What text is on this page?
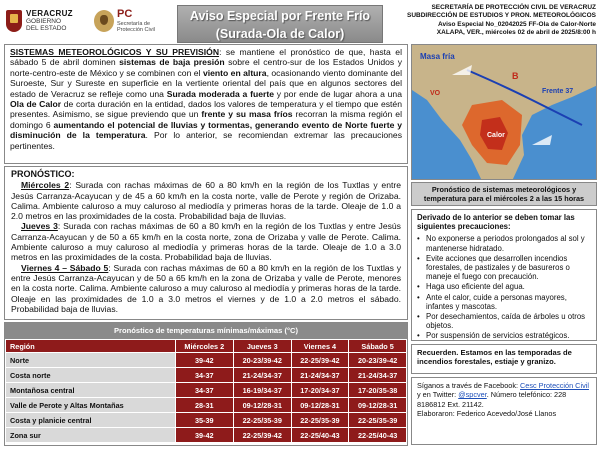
VERACRUZ
GOBIERNO
DEL ESTADO
PC
Secretaría de
Protección Civil
Aviso Especial por Frente Frío
(Surada-Ola de Calor)
SECRETARÍA DE PROTECCIÓN CIVIL DE VERACRUZ
SUBDIRECCIÓN DE ESTUDIOS Y PRON. METEOROLÓGICOS
Aviso Especial No_02042025 FF-Ola de Calor-Norte
XALAPA, VER., miércoles 02 de abril de 2025/8:00 h
SISTEMAS METEOROLÓGICOS Y SU PREVISIÓN: se mantiene el pronóstico de que, hasta el sábado 5 de abril dominen sistemas de baja presión sobre el centro-sur de los Estados Unidos y norte-centro-este de México y se combinen con el viento en altura, ocasionando viento dominante del Suroeste, Sur y Sureste en superficie en la vertiente oriental del país que en algunos sectores del estado de Veracruz se refleje como una Surada moderada a fuerte y por ende de lugar ahora a una Ola de Calor de corta duración en la entidad, dados los valores de temperatura y el tiempo que estén presentes. Asimismo, se sigue previendo que un frente y su masa fríos recorran la misma región el domingo 6 aumentando el potencial de lluvias y tormentas, generando evento de Norte fuerte y disminución de la temperatura. Por lo anterior, se recomiendan extremar las precauciones pertinentes.
Masa fría
Frente 37
B
VO
Calor
Pronóstico de sistemas meteorológicos y temperatura para el miércoles 2 a las 15 horas
PRONÓSTICO:

Miércoles 2: Surada con rachas máximas de 60 a 80 km/h en la región de los Tuxtlas y entre Jesús Carranza-Acayucan y de 45 a 60 km/h en la costa norte, valle de Perote y región de Orizaba. Calima. Ambiente caluroso a muy caluroso al mediodía y primeras horas de la tarde. Oleaje de 1.0 a 2.0 metros en las proximidades de la costa. Probabilidad baja de lluvias.

Jueves 3: Surada con rachas máximas de 60 a 80 km/h en la región de los Tuxtlas y entre Jesús Carranza-Acayucan y de 50 a 65 km/h en la costa norte, zona de Orizaba y valle de Perote. Calima. Ambiente caluroso a muy caluroso al mediodía y primeras horas de la tarde. Oleaje de 1.0 a 3.0 metros en las proximidades de la costa. Probabilidad baja de lluvias.

Viernes 4 – Sábado 5: Surada con rachas máximas de 60 a 80 km/h en la región de los Tuxtlas y entre Jesús Carranza-Acayucan y de 50 a 65 km/h en la zona de Orizaba y valle de Perote, menores en la costa norte. Calima. Ambiente caluroso a muy caluroso al mediodía y primeras horas de la tarde. Oleaje en las proximidades de 1.0 a 3.0 metros el viernes y de 1.0 a 2.0 metros el sábado. Probabilidad baja de lluvias.

Derivado de lo anterior se deben tomar las siguientes precauciones:
• No exponerse a periodos prolongados al sol y mantenerse hidratado.
• Evite acciones que desarrollen incendios forestales, de pastizales y de basureros o maneje el fuego con precaución.
• Haga uso eficiente del agua.
• Ante el calor, cuide a personas mayores, infantes y mascotas.
• Por desechamientos, caída de árboles u otros objetos.
• Por suspensión de servicios estratégicos.
Recuerden. Estamos en las temporadas de incendios forestales, estiaje y granizo.
Síganos a través de Facebook: Cesc Protección Civil y en Twitter: @spcver. Número telefónico: 228 8186812 Ext. 21142.
Elaboraron: Federico Acevedo/José Llanos
Pronóstico de temperaturas mínimas/máximas (°C)
Región	Miércoles 2	Jueves 3	Viernes 4	Sábado 5
Norte	39-42	20-23/39-42	22-25/39-42	20-23/39-42
Costa norte	34-37	21-24/34-37	21-24/34-37	21-24/34-37
Montañosa central	34-37	16-19/34-37	17-20/34-37	17-20/35-38
Valle de Perote y Altas Montañas	28-31	09-12/28-31	09-12/28-31	09-12/28-31
Costa y planicie central	35-39	22-25/35-39	22-25/35-39	22-25/35-39
Zona sur	39-42	22-25/39-42	22-25/40-43	22-25/40-43
